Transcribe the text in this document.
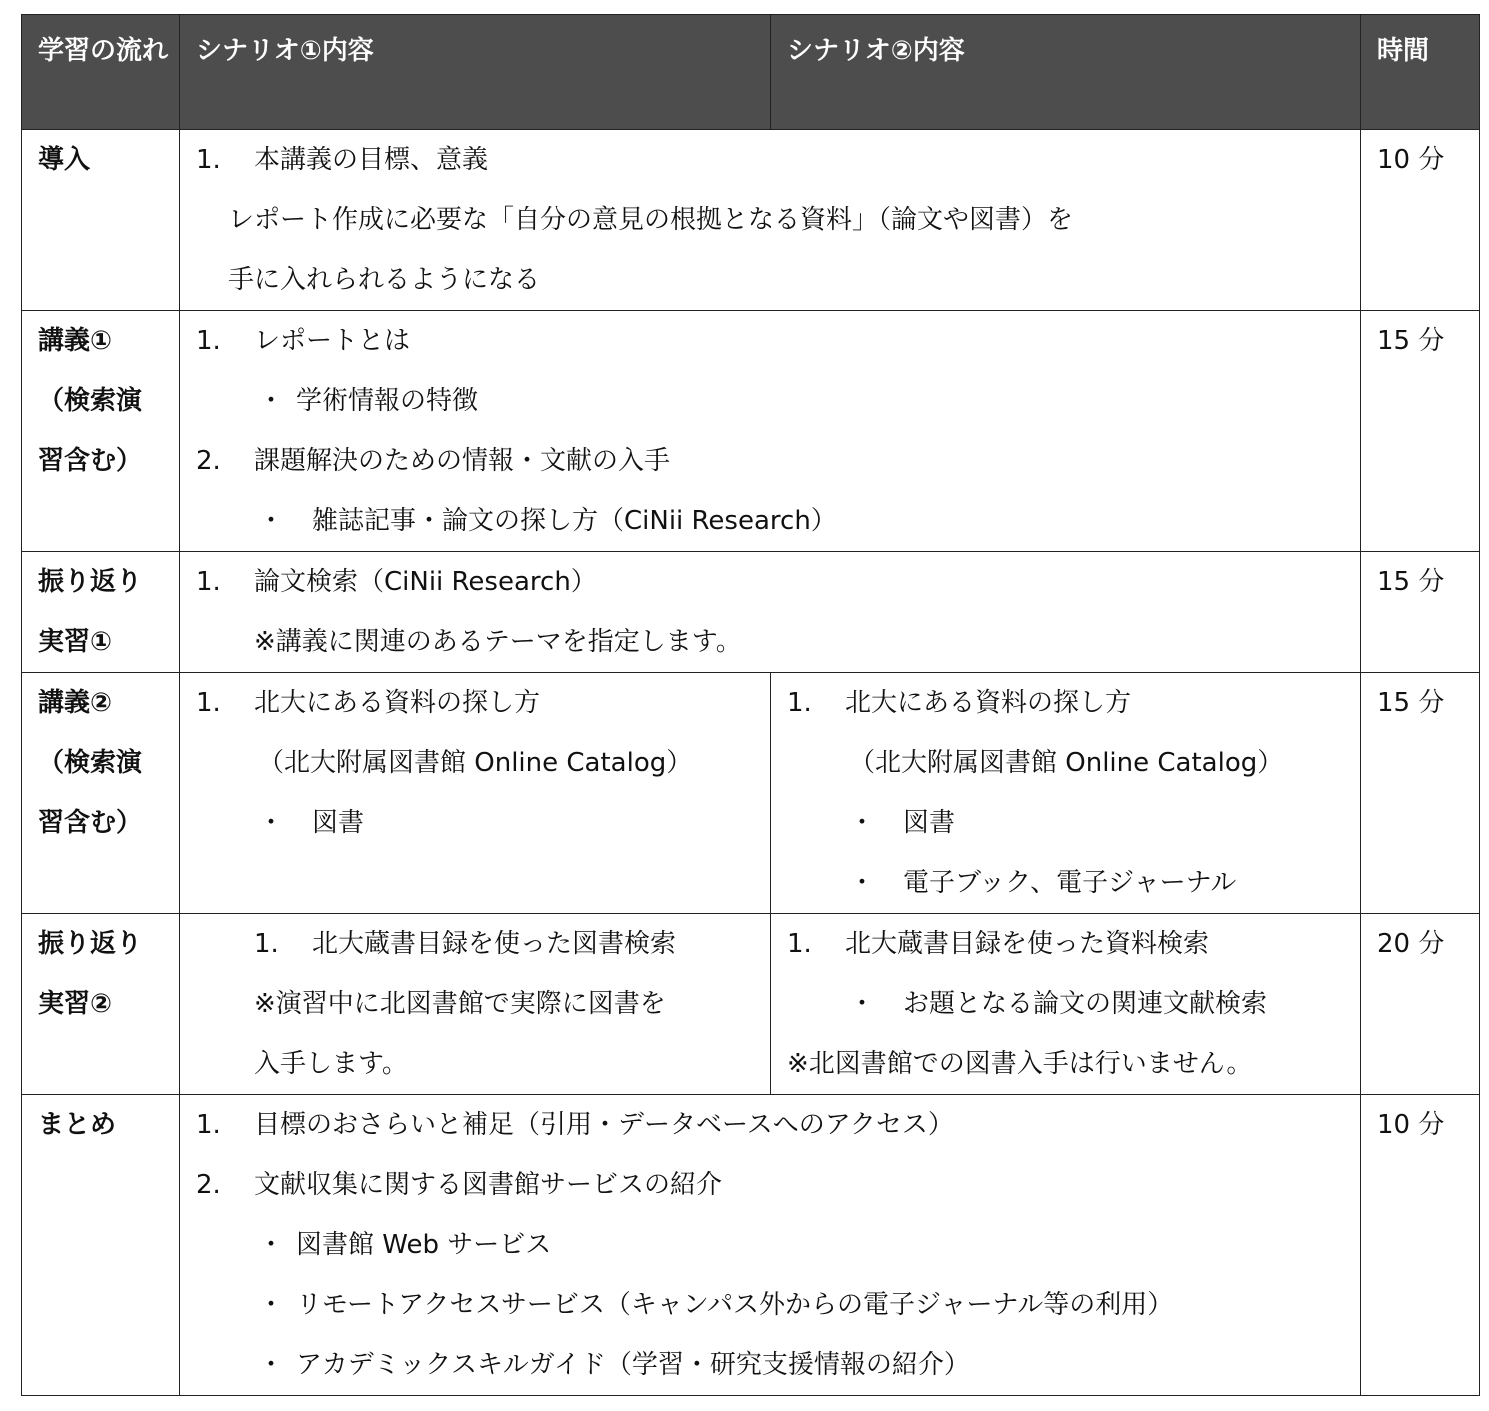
学習の流れ	シナリオ①内容	シナリオ②内容	時間

導入	1. 本講義の目標、意義
レポート作成に必要な「自分の意見の根拠となる資料」（論文や図書）を
手に入れられるようになる		10 分

講義①
（検索演
習含む）	1. レポートとは
・ 学術情報の特徴
2. 課題解決のための情報・文献の入手
・ 雑誌記事・論文の探し方（CiNii Research）		15 分

振り返り
実習①	1. 論文検索（CiNii Research）
※講義に関連のあるテーマを指定します。		15 分

講義②
（検索演
習含む）	1. 北大にある資料の探し方
（北大附属図書館 Online Catalog）
・ 図書	1. 北大にある資料の探し方
（北大附属図書館 Online Catalog）
・ 図書
・ 電子ブック、電子ジャーナル	15 分

振り返り
実習②	1. 北大蔵書目録を使った図書検索
※演習中に北図書館で実際に図書を
入手します。	1. 北大蔵書目録を使った資料検索
・ お題となる論文の関連文献検索
※北図書館での図書入手は行いません。	20 分

まとめ	1. 目標のおさらいと補足（引用・データベースへのアクセス）
2. 文献収集に関する図書館サービスの紹介
・ 図書館 Web サービス
・ リモートアクセスサービス（キャンパス外からの電子ジャーナル等の利用）
・ アカデミックスキルガイド（学習・研究支援情報の紹介）		10 分
